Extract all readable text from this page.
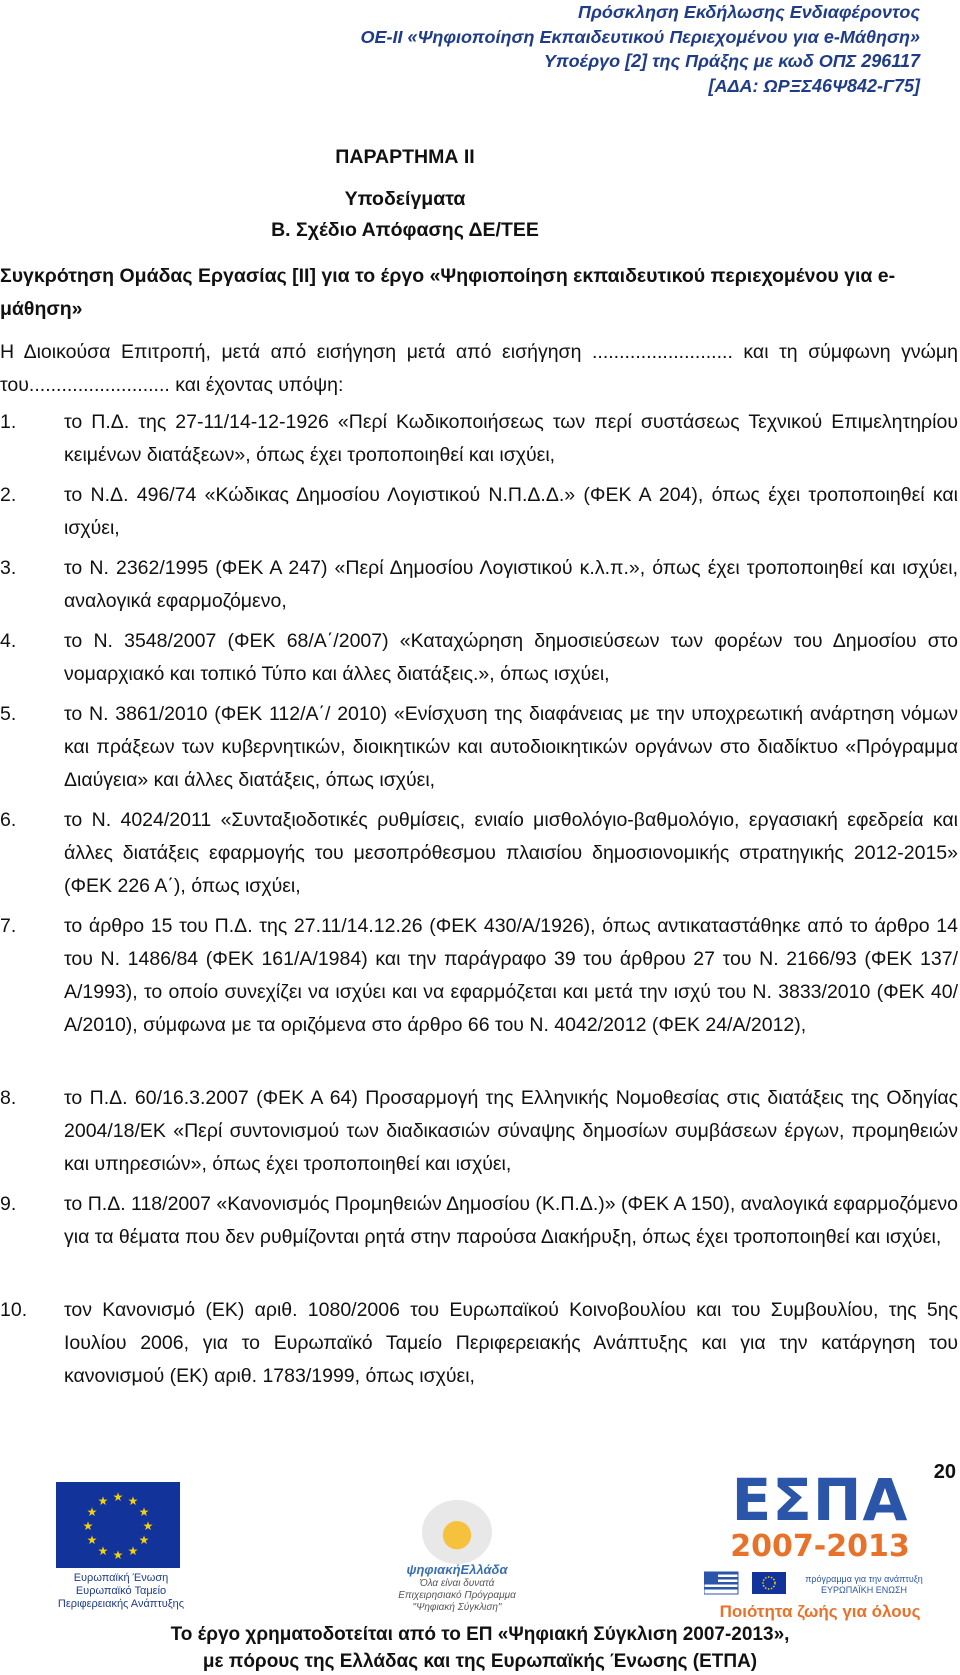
Πρόσκληση Εκδήλωσης Ενδιαφέροντος
ΟΕ-ΙΙ «Ψηφιοποίηση Εκπαιδευτικού Περιεχομένου για e-Μάθηση»
Υποέργο [2] της Πράξης με κωδ ΟΠΣ 296117
[ΑΔΑ: ΩΡΞΣ46Ψ842-Γ75]
ΠΑΡΑΡΤΗΜΑ II
Υποδείγματα
Β. Σχέδιο Απόφασης ΔΕ/ΤΕΕ
Συγκρότηση Ομάδας Εργασίας [ΙΙ] για το έργο «Ψηφιοποίηση εκπαιδευτικού περιεχομένου για e-μάθηση»
Η Διοικούσα Επιτροπή, μετά από εισήγηση μετά από εισήγηση .......................... και τη σύμφωνη γνώμη του.......................... και έχοντας υπόψη:
1. το Π.Δ. της 27-11/14-12-1926 «Περί Κωδικοποιήσεως των περί συστάσεως Τεχνικού Επιμελητηρίου κειμένων διατάξεων», όπως έχει τροποποιηθεί και ισχύει,
2. το Ν.Δ. 496/74 «Κώδικας Δημοσίου Λογιστικού Ν.Π.Δ.Δ.» (ΦΕΚ Α 204), όπως έχει τροποποιηθεί και ισχύει,
3. το Ν. 2362/1995 (ΦΕΚ Α 247) «Περί Δημοσίου Λογιστικού κ.λ.π.», όπως έχει τροποποιηθεί και ισχύει, αναλογικά εφαρμοζόμενο,
4. το Ν. 3548/2007 (ΦΕΚ 68/Α΄/2007) «Καταχώρηση δημοσιεύσεων των φορέων του Δημοσίου στο νομαρχιακό και τοπικό Τύπο και άλλες διατάξεις.», όπως ισχύει,
5. το Ν. 3861/2010 (ΦΕΚ 112/Α΄/ 2010) «Ενίσχυση της διαφάνειας με την υποχρεωτική ανάρτηση νόμων και πράξεων των κυβερνητικών, διοικητικών και αυτοδιοικητικών οργάνων στο διαδίκτυο «Πρόγραμμα Διαύγεια» και άλλες διατάξεις, όπως ισχύει,
6. το Ν. 4024/2011 «Συνταξιοδοτικές ρυθμίσεις, ενιαίο μισθολόγιο-βαθμολόγιο, εργασιακή εφεδρεία και άλλες διατάξεις εφαρμογής του μεσοπρόθεσμου πλαισίου δημοσιονομικής στρατηγικής 2012-2015» (ΦΕΚ 226 Α΄), όπως ισχύει,
7. το άρθρο 15 του Π.Δ. της 27.11/14.12.26 (ΦΕΚ 430/Α/1926), όπως αντικαταστάθηκε από το άρθρο 14 του Ν. 1486/84 (ΦΕΚ 161/Α/1984) και την παράγραφο 39 του άρθρου 27 του Ν. 2166/93 (ΦΕΚ 137/Α/1993), το οποίο συνεχίζει να ισχύει και να εφαρμόζεται και μετά την ισχύ του Ν. 3833/2010 (ΦΕΚ 40/Α/2010), σύμφωνα με τα οριζόμενα στο άρθρο 66 του Ν. 4042/2012 (ΦΕΚ 24/Α/2012),
8. το Π.Δ. 60/16.3.2007 (ΦΕΚ Α 64) Προσαρμογή της Ελληνικής Νομοθεσίας στις διατάξεις της Οδηγίας 2004/18/ΕΚ «Περί συντονισμού των διαδικασιών σύναψης δημοσίων συμβάσεων έργων, προμηθειών και υπηρεσιών», όπως έχει τροποποιηθεί και ισχύει,
9. το Π.Δ. 118/2007 «Κανονισμός Προμηθειών Δημοσίου (Κ.Π.Δ.)» (ΦΕΚ Α 150), αναλογικά εφαρμοζόμενο για τα θέματα που δεν ρυθμίζονται ρητά στην παρούσα Διακήρυξη, όπως έχει τροποποιηθεί και ισχύει,
10. τον Κανονισμό (ΕΚ) αριθ. 1080/2006 του Ευρωπαϊκού Κοινοβουλίου και του Συμβουλίου, της 5ης Ιουλίου 2006, για το Ευρωπαϊκό Ταμείο Περιφερειακής Ανάπτυξης και για την κατάργηση του κανονισμού (ΕΚ) αριθ. 1783/1999, όπως ισχύει,
20
★ ★
★
★
★
★
★
★
★
★
★
★
Ευρωπαϊκή Ένωση
Ευρωπαϊκό Ταμείο
Περιφερειακής Ανάπτυξης
ψηφιακήΕλλάδα
Όλα είναι δυνατά
Επιχειρησιακό Πρόγραμμα
"Ψηφιακή Σύγκλιση"
ΕΣΠΑ
2007-2013
πρόγραμμα για την ανάπτυξη
ΕΥΡΩΠΑΪΚΗ ΕΝΩΣΗ
Ποιότητα ζωής για όλους
Το έργο χρηματοδοτείται από το ΕΠ «Ψηφιακή Σύγκλιση 2007-2013»,
με πόρους της Ελλάδας και της Ευρωπαϊκής Ένωσης (ΕΤΠΑ)
